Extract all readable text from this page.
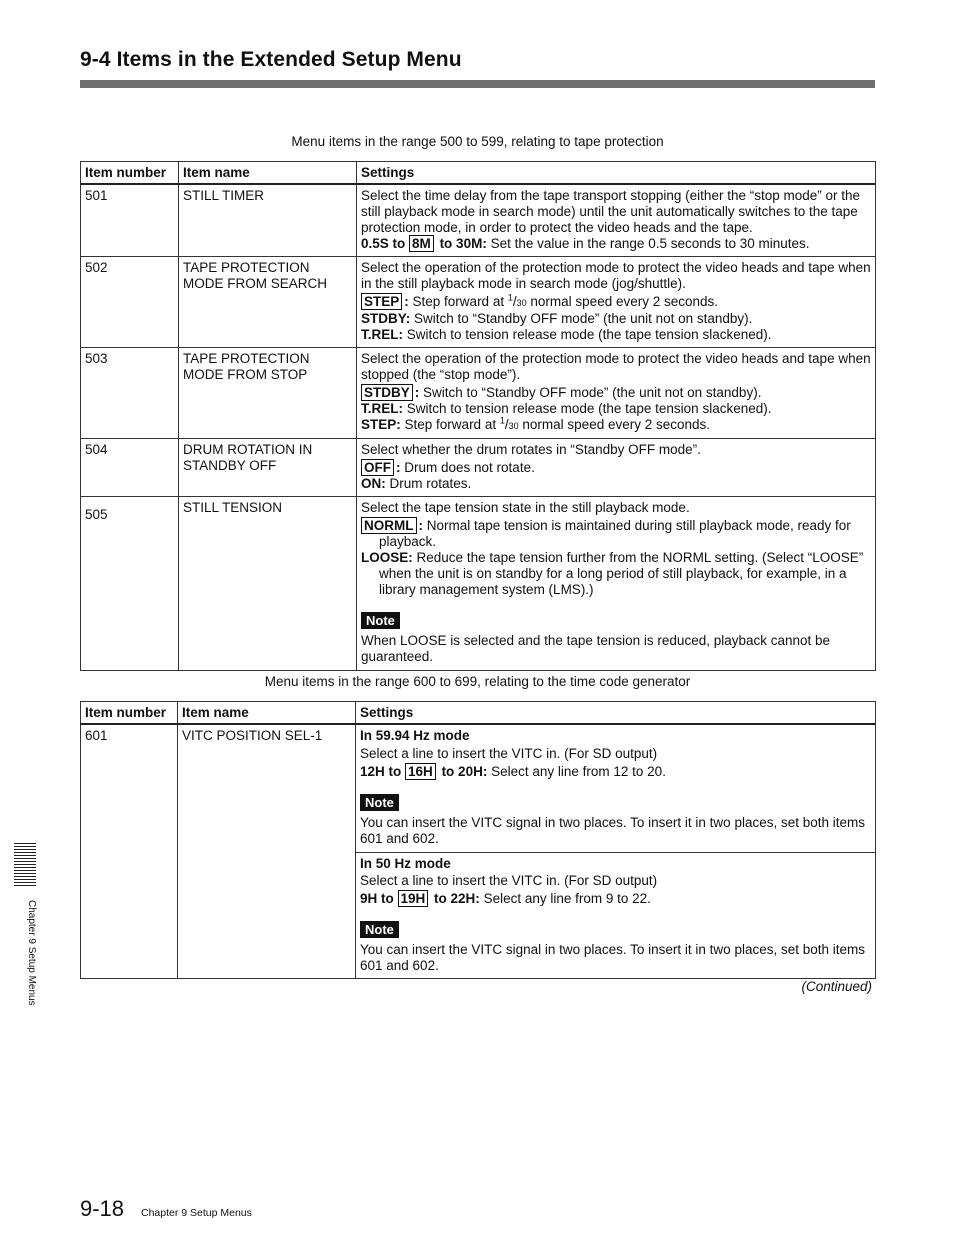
9-4 Items in the Extended Setup Menu
Menu items in the range 500 to 599, relating to tape protection
Item number	Item name	Settings
501	STILL TIMER	Select the time delay from the tape transport stopping (either the “stop mode” or the still playback mode in search mode) until the unit automatically switches to the tape protection mode, in order to protect the video heads and the tape.
0.5S to 8M to 30M: Set the value in the range 0.5 seconds to 30 minutes.

502	TAPE PROTECTION MODE FROM SEARCH	Select the operation of the protection mode to protect the video heads and tape when in the still playback mode in search mode (jog/shuttle).
STEP : Step forward at $^1$/30 normal speed every 2 seconds.
STDBY: Switch to “Standby OFF mode” (the unit not on standby).
T.REL: Switch to tension release mode (the tape tension slackened).

503	TAPE PROTECTION MODE FROM STOP	Select the operation of the protection mode to protect the video heads and tape when stopped (the “stop mode”).
STDBY : Switch to “Standby OFF mode” (the unit not on standby).
T.REL: Switch to tension release mode (the tape tension slackened).
STEP: Step forward at $^1$/30 normal speed every 2 seconds.

504	DRUM ROTATION IN STANDBY OFF	Select whether the drum rotates in “Standby OFF mode”.
OFF : Drum does not rotate.
ON: Drum rotates.

505	STILL TENSION	Select the tape tension state in the still playback mode.
NORML : Normal tape tension is maintained during still playback mode, ready for playback.
LOOSE: Reduce the tape tension further from the NORML setting. (Select “LOOSE” when the unit is on standby for a long period of still playback, for example, in a library management system (LMS).)
Note
When LOOSE is selected and the tape tension is reduced, playback cannot be guaranteed.
Menu items in the range 600 to 699, relating to the time code generator
Item number	Item name	Settings
601	VITC POSITION SEL-1	In 59.94 Hz mode
Select a line to insert the VITC in. (For SD output)
12H to 16H to 20H: Select any line from 12 to 20.
Note
You can insert the VITC signal in two places. To insert it in two places, set both items 601 and 602.

		In 50 Hz mode
Select a line to insert the VITC in. (For SD output)
9H to 19H to 22H: Select any line from 9 to 22.
Note
You can insert the VITC signal in two places. To insert it in two places, set both items 601 and 602.
(Continued)
Chapter 9 Setup Menus
9-18 Chapter 9 Setup Menus
